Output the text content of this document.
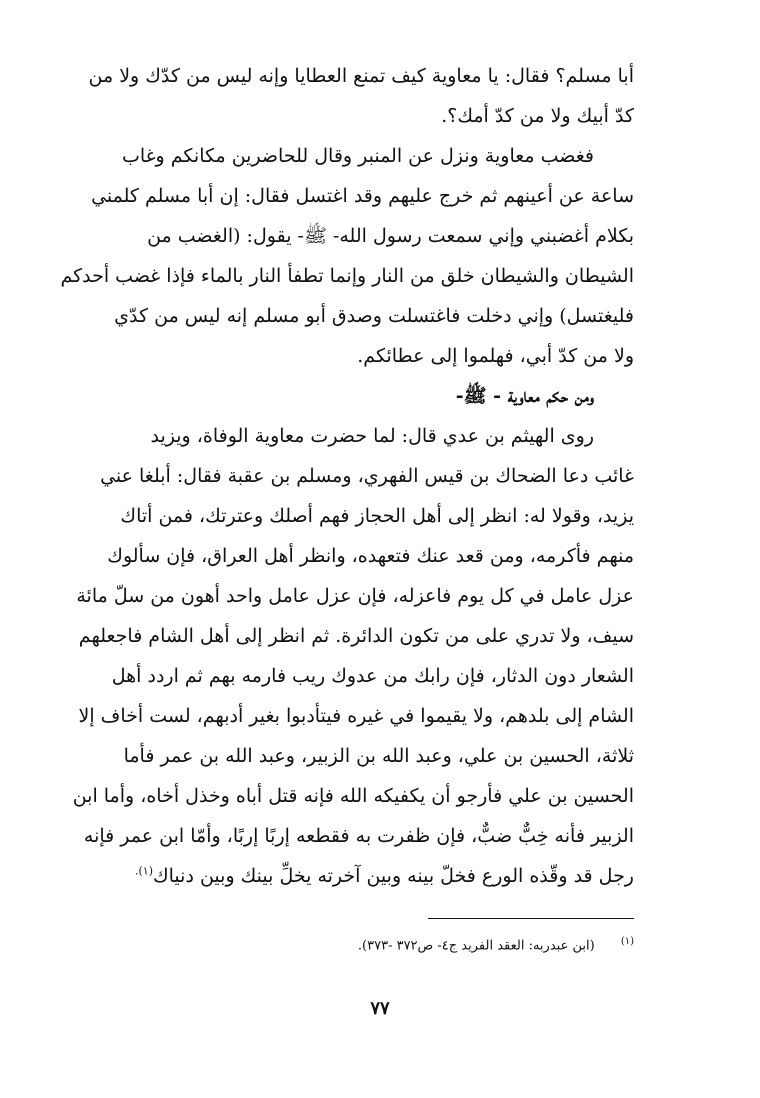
أبا مسلم؟ فقال: يا معاوية كيف تمنع العطايا وإنه ليس من كدّك ولا من
كدّ أبيك ولا من كدّ أمك؟.
فغضب معاوية ونزل عن المنبر وقال للحاضرين مكانكم وغاب
ساعة عن أعينهم ثم خرج عليهم وقد اغتسل فقال: إن أبا مسلم كلمني
بكلام أغضبني وإني سمعت رسول الله- ﷺ- يقول: (الغضب من
الشيطان والشيطان خلق من النار وإنما تطفأ النار بالماء فإذا غضب أحدكم
فليغتسل) وإني دخلت فاغتسلت وصدق أبو مسلم إنه ليس من كدّي
ولا من كدّ أبي، فهلموا إلى عطائكم.
ومن حكم معاوية - ﷺ-
روى الهيثم بن عدي قال: لما حضرت معاوية الوفاة، ويزيد
غائب دعا الضحاك بن قيس الفهري، ومسلم بن عقبة فقال: أبلغا عني
يزيد، وقولا له: انظر إلى أهل الحجاز فهم أصلك وعترتك، فمن أتاك
منهم فأكرمه، ومن قعد عنك فتعهده، وانظر أهل العراق، فإن سألوك
عزل عامل في كل يوم فاعزله، فإن عزل عامل واحد أهون من سلّ مائة
سيف، ولا تدري على من تكون الدائرة. ثم انظر إلى أهل الشام فاجعلهم
الشعار دون الدثار، فإن رابك من عدوك ريب فارمه بهم ثم اردد أهل
الشام إلى بلدهم، ولا يقيموا في غيره فيتأدبوا بغير أدبهم، لست أخاف إلا
ثلاثة، الحسين بن علي، وعبد الله بن الزبير، وعبد الله بن عمر فأما
الحسين بن علي فأرجو أن يكفيكه الله فإنه قتل أباه وخذل أخاه، وأما ابن
الزبير فأنه خِبٌّ ضبٌّ، فإن ظفرت به فقطعه إربًا إربًا، وأمّا ابن عمر فإنه
رجل قد وقّذه الورع فخلّ بينه وبين آخرته يخلِّ بينك وبين دنياك$^{(١).}$
$^{(١)}$ (ابن عبدربه: العقد الفريد ج٤- ص٣٧٢ -٣٧٣).
٧٧
